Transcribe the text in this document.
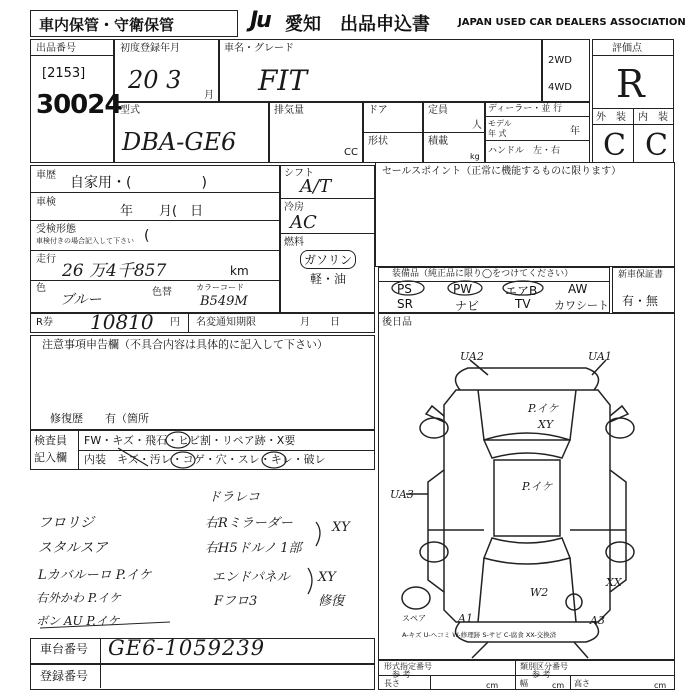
車内保管・守衛保管	Ju 愛知 出品申込書	JAPAN USED CAR DEALERS ASSOCIATION
出品番号
[2153]
30024
初度登録年月
20 3
月
車名・グレード
FIT
2WD
4WD
型式
DBA-GE6
排気量
CC
ドア
形状
定員
人
積載
kg
ディーラー・並 行
モデル
年 式	年
ハンドル　左・右
評価点
R
外　装 内　装
C C
車歴 自家用・(　　　　　)
車検
年　　月(　日
受検形態
車検付きの場合記入して下さい (
走行
26 万4千857	km
色
ブルー	色替	カラーコード
B549M
シフト
A/T
冷房
AC
燃料
ガソリン
軽・油
セールスポイント（正常に機能するものに限ります）
装備品（純正品に限り◯をつけてください）
PS	PW	エアB	AW
SR	ナビ	TV カワシート
新車保証書
有・無
R券 10810 円 名変通知期限	月　　日	後日品
注意事項申告欄（不具合内容は具体的に記入して下さい）
修復歴　　有（箇所
検査員
記入欄
FW・キズ・飛石・ヒビ割・リペア跡・X要
内装　キズ・汚レ・コゲ・穴・スレ・キレ・破レ
ドラレコ
フロリジ	右Rミラーダー
スタルスア	右H5ドルノ 1部
Lカバルーロ P.イケ	エンドパネル
右外かわ P.イケ	Fフロ3
ボン AU P.イケ
XY
XY
修復
UA2	UA1
P.イケ
XY
P.イケ
UA3
A1
W2
A3
XX
スペア
A-キズ U-ヘコミ W-修理跡 S-サビ C-腐食 XX-交換済
車台番号 GE6-1059239
登録番号
形式指定番号	類別区分番号
参 考	参 考
長さ	cm	幅	cm 高さ	cm
